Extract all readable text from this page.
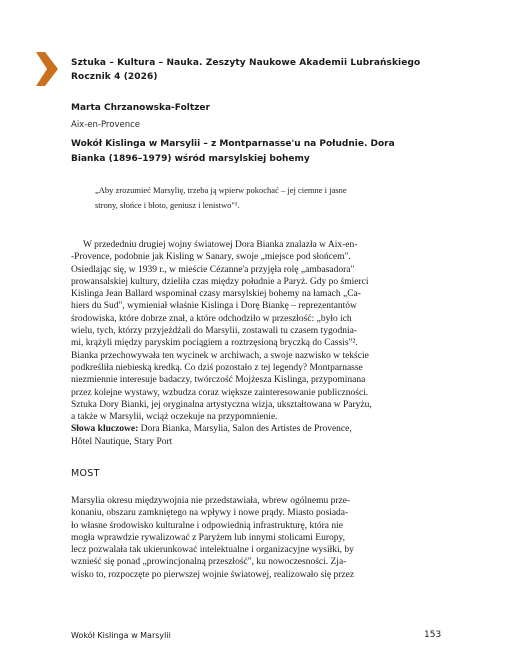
Sztuka – Kultura – Nauka. Zeszyty Naukowe Akademii Lubrańskiego
Rocznik 4 (2026)
Marta Chrzanowska-Foltzer
Aix-en-Provence
Wokół Kislinga w Marsylii – z Montparnasse'u na Południe. Dora
Bianka (1896–1979) wśród marsylskiej bohemy
„Aby zrozumieć Marsylię, trzeba ją wpierw pokochać – jej ciemne i jasne
strony, słońce i błoto, geniusz i lenistwo"¹.
W przededniu drugiej wojny światowej Dora Bianka znalazła w Aix-en-
-Provence, podobnie jak Kisling w Sanary, swoje „miejsce pod słońcem".
Osiedlając się, w 1939 r., w mieście Cézanne'a przyjęła rolę „ambasadora"
prowansalskiej kultury, dzieliła czas między południe a Paryż. Gdy po śmierci
Kislinga Jean Ballard wspominał czasy marsylskiej bohemy na łamach „Ca-
hiers du Sud", wymieniał właśnie Kislinga i Dorę Biankę – reprezentantów
środowiska, które dobrze znał, a które odchodziło w przeszłość: „było ich
wielu, tych, którzy przyjeżdżali do Marsylii, zostawali tu czasem tygodnia-
mi, krążyli między paryskim pociągiem a roztrzęsioną bryczką do Cassis"².
Bianka przechowywała ten wycinek w archiwach, a swoje nazwisko w tekście
podkreśliła niebieską kredką. Co dziś pozostało z tej legendy? Montparnasse
niezmiennie interesuje badaczy, twórczość Mojżesza Kislinga, przypominana
przez kolejne wystawy, wzbudza coraz większe zainteresowanie publiczności.
Sztuka Dory Bianki, jej oryginalna artystyczna wizja, ukształtowana w Paryżu,
a także w Marsylii, wciąż oczekuje na przypomnienie.
Słowa kluczowe: Dora Bianka, Marsylia, Salon des Artistes de Provence,
Hôtel Nautique, Stary Port
MOST
Marsylia okresu międzywojnia nie przedstawiała, wbrew ogólnemu prze-
konaniu, obszaru zamkniętego na wpływy i nowe prądy. Miasto posiada-
ło własne środowisko kulturalne i odpowiednią infrastrukturę, która nie
mogła wprawdzie rywalizować z Paryżem lub innymi stolicami Europy,
lecz pozwalała tak ukierunkować intelektualne i organizacyjne wysiłki, by
wznieść się ponad „prowincjonalną przeszłość", ku nowoczesności. Zja-
wisko to, rozpoczęte po pierwszej wojnie światowej, realizowało się przez
Wokół Kislinga w Marsylii	153
